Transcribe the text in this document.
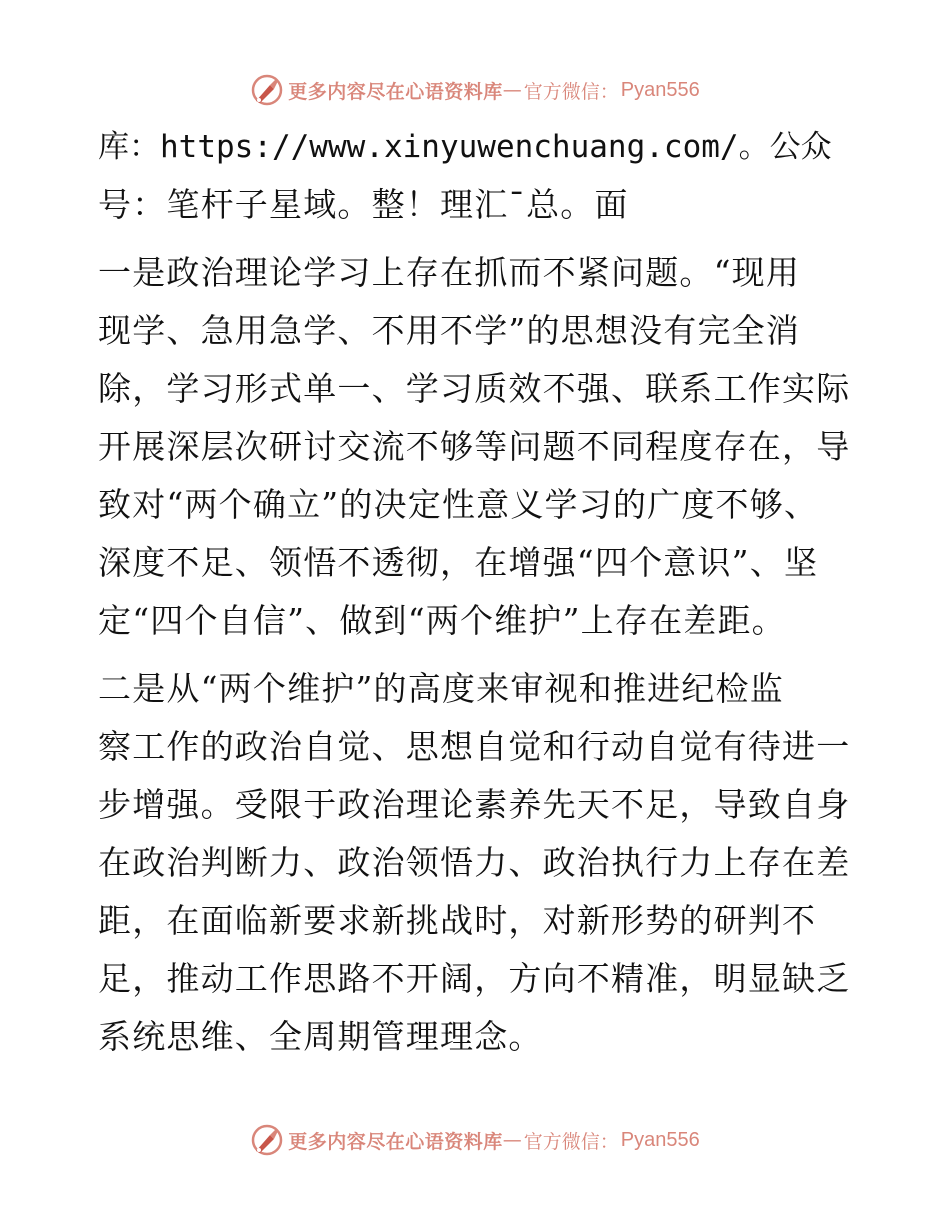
更多内容尽在心语资料库 — 官方微信： Pyan556
库：https://www.xinyuwenchuang.com/。公众
号：笔杆子星域。整！理汇¯总。面
一是政治理论学习上存在抓而不紧问题。“现用
现学、急用急学、不用不学”的思想没有完全消
除，学习形式单一、学习质效不强、联系工作实际
开展深层次研讨交流不够等问题不同程度存在，导
致对“两个确立”的决定性意义学习的广度不够、
深度不足、领悟不透彻，在增强“四个意识”、坚
定“四个自信”、做到“两个维护”上存在差距。
二是从“两个维护”的高度来审视和推进纪检监
察工作的政治自觉、思想自觉和行动自觉有待进一
步增强。受限于政治理论素养先天不足，导致自身
在政治判断力、政治领悟力、政治执行力上存在差
距，在面临新要求新挑战时，对新形势的研判不
足，推动工作思路不开阔，方向不精准，明显缺乏
系统思维、全周期管理理念。
更多内容尽在心语资料库 — 官方微信： Pyan556
